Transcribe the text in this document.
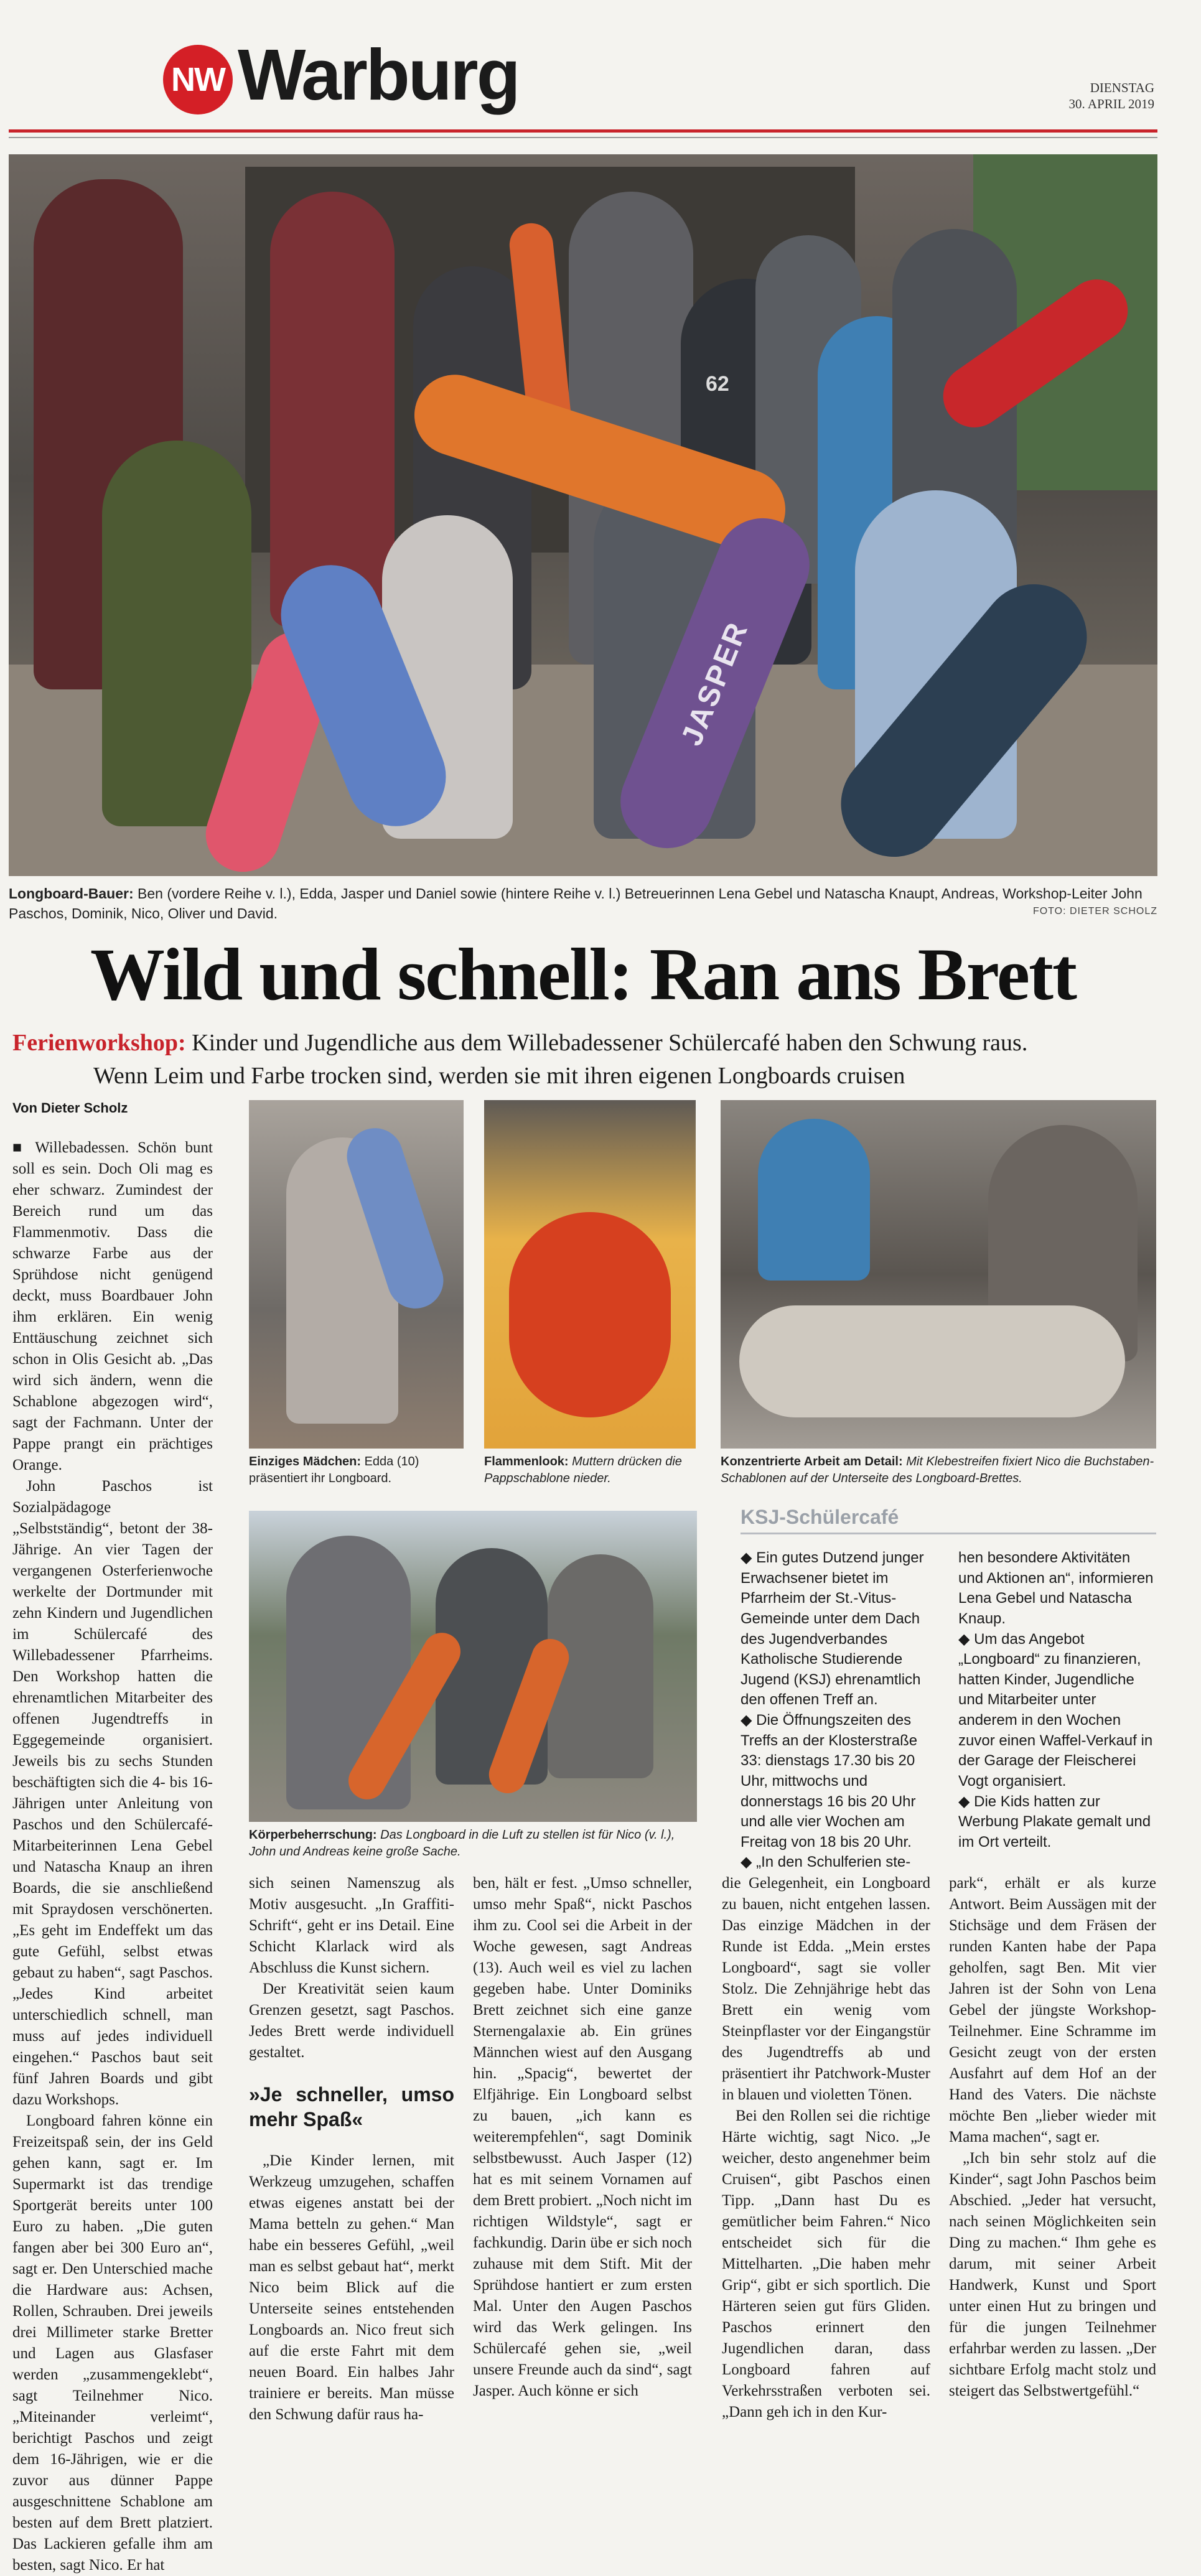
NW Warburg	DIENSTAG
30. APRIL 2019
JASPER
62
Longboard-Bauer: Ben (vordere Reihe v. l.), Edda, Jasper und Daniel sowie (hintere Reihe v. l.) Betreuerinnen Lena Gebel und Natascha Knaupt, Andreas, Workshop-Leiter John Paschos, Dominik, Nico, Oliver und David.	FOTO: DIETER SCHOLZ
Wild und schnell: Ran ans Brett
Ferienworkshop: Kinder und Jugendliche aus dem Willebadessener Schülercafé haben den Schwung raus.
Wenn Leim und Farbe trocken sind, werden sie mit ihren eigenen Longboards cruisen
Von Dieter Scholz

■ Willebadessen. Schön bunt soll es sein. Doch Oli mag es eher schwarz. Zumindest der Bereich rund um das Flammenmotiv. Dass die schwarze Farbe aus der Sprühdose nicht genügend deckt, muss Boardbauer John ihm erklären. Ein wenig Enttäuschung zeichnet sich schon in Olis Gesicht ab. „Das wird sich ändern, wenn die Schablone abgezogen wird“, sagt der Fachmann. Unter der Pappe prangt ein prächtiges Orange.

John Paschos ist Sozialpädagoge „Selbstständig“, betont der 38-Jährige. An vier Tagen der vergangenen Osterferienwoche werkelte der Dortmunder mit zehn Kindern und Jugendlichen im Schülercafé des Willebadessener Pfarrheims. Den Workshop hatten die ehrenamtlichen Mitarbeiter des offenen Jugendtreffs in Eggegemeinde organisiert. Jeweils bis zu sechs Stunden beschäftigten sich die 4- bis 16-Jährigen unter Anleitung von Paschos und den Schülercafé-Mitarbeiterinnen Lena Gebel und Natascha Knaup an ihren Boards, die sie anschließend mit Spraydosen verschönerten. „Es geht im Endeffekt um das gute Gefühl, selbst etwas gebaut zu haben“, sagt Paschos. „Jedes Kind arbeitet unterschiedlich schnell, man muss auf jedes individuell eingehen.“ Paschos baut seit fünf Jahren Boards und gibt dazu Workshops.

Longboard fahren könne ein Freizeitspaß sein, der ins Geld gehen kann, sagt er. Im Supermarkt ist das trendige Sportgerät bereits unter 100 Euro zu haben. „Die guten fangen aber bei 300 Euro an“, sagt er. Den Unterschied mache die Hardware aus: Achsen, Rollen, Schrauben. Drei jeweils drei Millimeter starke Bretter und Lagen aus Glasfaser werden „zusammengeklebt“, sagt Teilnehmer Nico. „Miteinander verleimt“, berichtigt Paschos und zeigt dem 16-Jährigen, wie er die zuvor aus dünner Pappe ausgeschnittene Schablone am besten auf dem Brett platziert. Das Lackieren gefalle ihm am besten, sagt Nico. Er hat

Einziges Mädchen: Edda (10) präsentiert ihr Longboard.
Flammenlook: Muttern drücken die Pappschablone nieder.
Konzentrierte Arbeit am Detail: Mit Klebestreifen fixiert Nico die Buchstaben-Schablonen auf der Unterseite des Longboard-Brettes.
Körperbeherrschung: Das Longboard in die Luft zu stellen ist für Nico (v. l.), John und Andreas keine große Sache.
KSJ-Schülercafé

◆ Ein gutes Dutzend junger Erwachsener bietet im Pfarrheim der St.-Vitus-Gemeinde unter dem Dach des Jugendverbandes Katholische Studierende Jugend (KSJ) ehrenamtlich den offenen Treff an.

◆ Die Öffnungszeiten des Treffs an der Klosterstraße 33: dienstags 17.30 bis 20 Uhr, mittwochs und donnerstags 16 bis 20 Uhr und alle vier Wochen am Freitag von 18 bis 20 Uhr.

◆ „In den Schulferien ste-

hen besondere Aktivitäten und Aktionen an“, informieren Lena Gebel und Natascha Knaup.

◆ Um das Angebot „Longboard“ zu finanzieren, hatten Kinder, Jugendliche und Mitarbeiter unter anderem in den Wochen zuvor einen Waffel-Verkauf in der Garage der Fleischerei Vogt organisiert.

◆ Die Kids hatten zur Werbung Plakate gemalt und im Ort verteilt.

sich seinen Namenszug als Motiv ausgesucht. „In Graffiti-Schrift“, geht er ins Detail. Eine Schicht Klarlack wird als Abschluss die Kunst sichern.

Der Kreativität seien kaum Grenzen gesetzt, sagt Paschos. Jedes Brett werde individuell gestaltet.

»Je schneller, umso mehr Spaß«

„Die Kinder lernen, mit Werkzeug umzugehen, schaffen etwas eigenes anstatt bei der Mama betteln zu gehen.“ Man habe ein besseres Gefühl, „weil man es selbst gebaut hat“, merkt Nico beim Blick auf die Unterseite seines entstehenden Longboards an. Nico freut sich auf die erste Fahrt mit dem neuen Board. Ein halbes Jahr trainiere er bereits. Man müsse den Schwung dafür raus ha-

ben, hält er fest. „Umso schneller, umso mehr Spaß“, nickt Paschos ihm zu. Cool sei die Arbeit in der Woche gewesen, sagt Andreas (13). Auch weil es viel zu lachen gegeben habe. Unter Dominiks Brett zeichnet sich eine ganze Sternengalaxie ab. Ein grünes Männchen wiest auf den Ausgang hin. „Spacig“, bewertet der Elfjährige. Ein Longboard selbst zu bauen, „ich kann es weiterempfehlen“, sagt Dominik selbstbewusst. Auch Jasper (12) hat es mit seinem Vornamen auf dem Brett probiert. „Noch nicht im richtigen Wildstyle“, sagt er fachkundig. Darin übe er sich noch zuhause mit dem Stift. Mit der Sprühdose hantiert er zum ersten Mal. Unter den Augen Paschos wird das Werk gelingen. Ins Schülercafé gehen sie, „weil unsere Freunde auch da sind“, sagt Jasper. Auch könne er sich

die Gelegenheit, ein Longboard zu bauen, nicht entgehen lassen. Das einzige Mädchen in der Runde ist Edda. „Mein erstes Longboard“, sagt sie voller Stolz. Die Zehnjährige hebt das Brett ein wenig vom Steinpflaster vor der Eingangstür des Jugendtreffs ab und präsentiert ihr Patchwork-Muster in blauen und violetten Tönen.

Bei den Rollen sei die richtige Härte wichtig, sagt Nico. „Je weicher, desto angenehmer beim Cruisen“, gibt Paschos einen Tipp. „Dann hast Du es gemütlicher beim Fahren.“ Nico entscheidet sich für die Mittelharten. „Die haben mehr Grip“, gibt er sich sportlich. Die Härteren seien gut fürs Gliden. Paschos erinnert den Jugendlichen daran, dass Longboard fahren auf Verkehrsstraßen verboten sei. „Dann geh ich in den Kur-

park“, erhält er als kurze Antwort. Beim Aussägen mit der Stichsäge und dem Fräsen der runden Kanten habe der Papa geholfen, sagt Ben. Mit vier Jahren ist der Sohn von Lena Gebel der jüngste Workshop-Teilnehmer. Eine Schramme im Gesicht zeugt von der ersten Ausfahrt auf dem Hof an der Hand des Vaters. Die nächste möchte Ben „lieber wieder mit Mama machen“, sagt er.

„Ich bin sehr stolz auf die Kinder“, sagt John Paschos beim Abschied. „Jeder hat versucht, nach seinen Möglichkeiten sein Ding zu machen.“ Ihm gehe es darum, mit seiner Arbeit Handwerk, Kunst und Sport unter einen Hut zu bringen und für die jungen Teilnehmer erfahrbar werden zu lassen. „Der sichtbare Erfolg macht stolz und steigert das Selbstwertgefühl.“
